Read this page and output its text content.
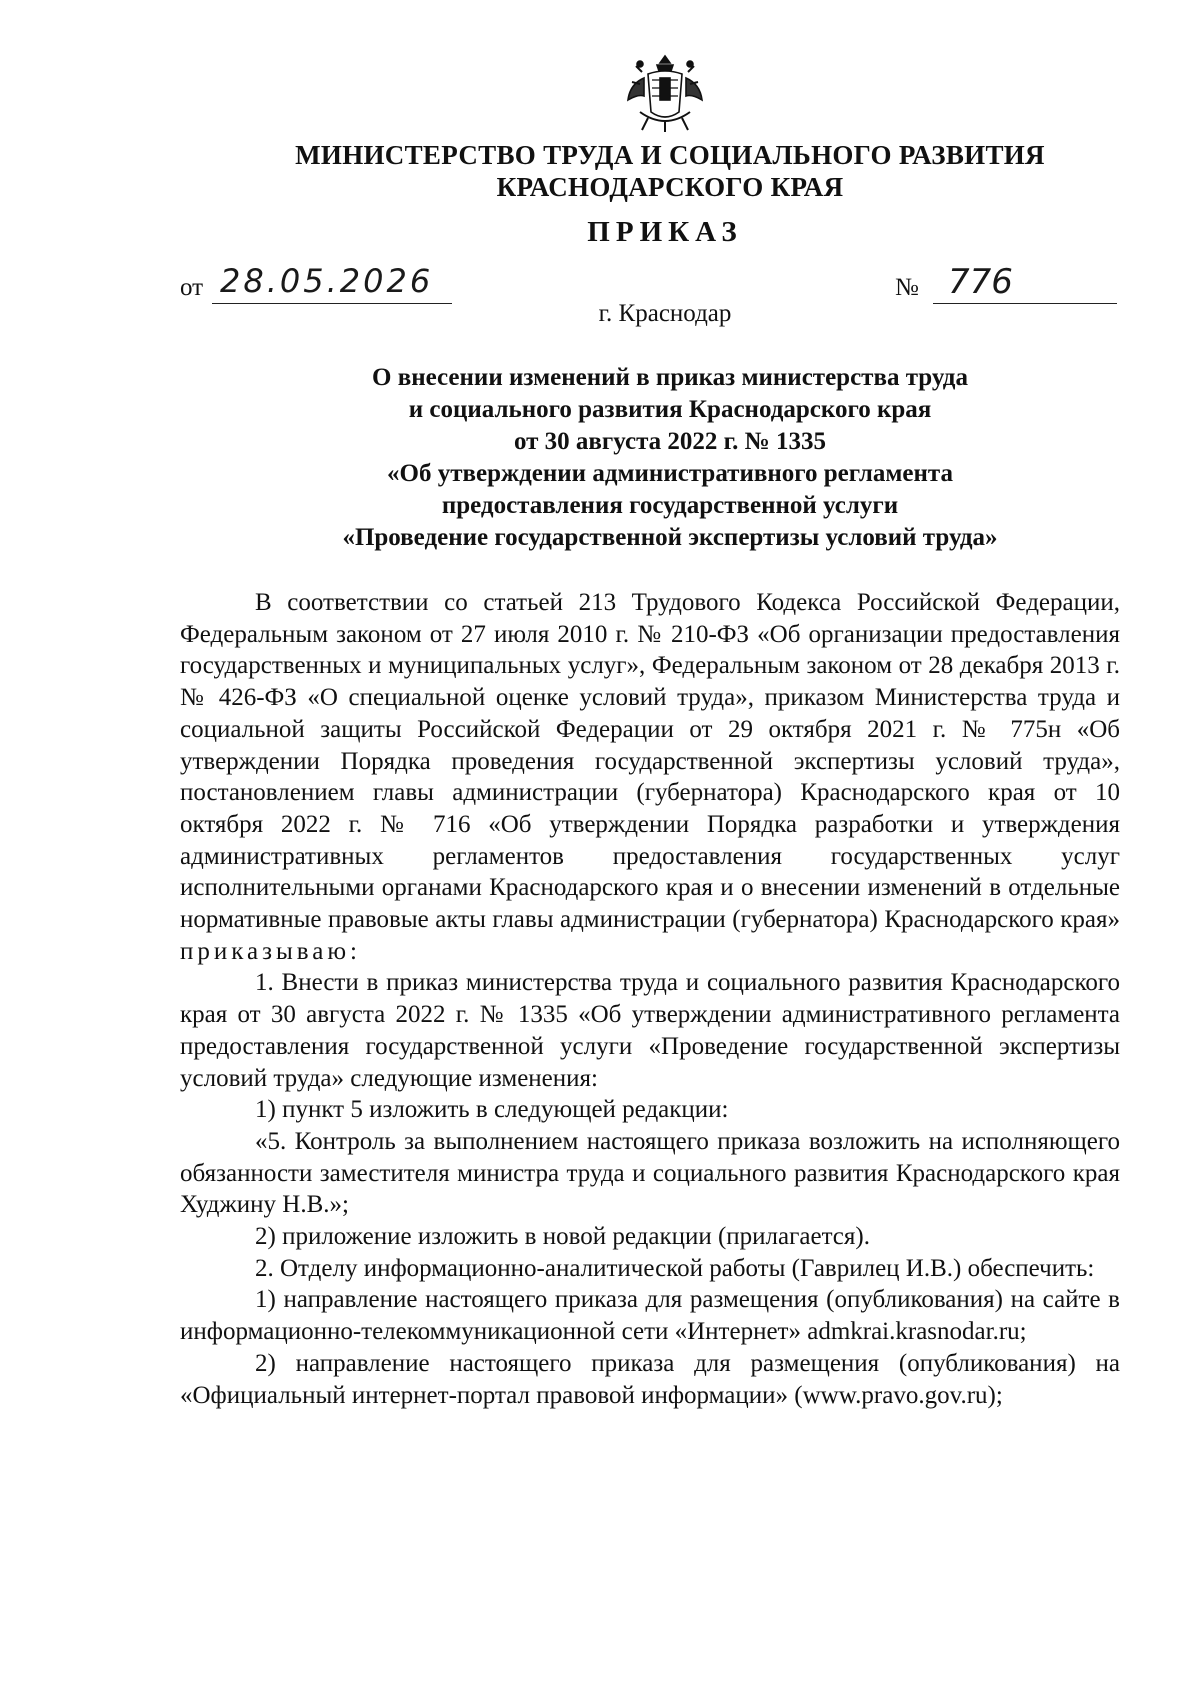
МИНИСТЕРСТВО ТРУДА И СОЦИАЛЬНОГО РАЗВИТИЯ
КРАСНОДАРСКОГО КРАЯ
ПРИКАЗ
от 28.05.2026	№ 776
г. Краснодар
О внесении изменений в приказ министерства труда
и социального развития Краснодарского края
от 30 августа 2022 г. № 1335
«Об утверждении административного регламента
предоставления государственной услуги
«Проведение государственной экспертизы условий труда»

В соответствии со статьей 213 Трудового Кодекса Российской Федерации, Федеральным законом от 27 июля 2010 г. № 210-ФЗ «Об организации предоставления государственных и муниципальных услуг», Федеральным законом от 28 декабря 2013 г. № 426-ФЗ «О специальной оценке условий труда», приказом Министерства труда и социальной защиты Российской Федерации от 29 октября 2021 г. № 775н «Об утверждении Порядка проведения государственной экспертизы условий труда», постановлением главы администрации (губернатора) Краснодарского края от 10 октября 2022 г. № 716 «Об утверждении Порядка разработки и утверждения административных регламентов предоставления государственных услуг исполнительными органами Краснодарского края и о внесении изменений в отдельные нормативные правовые акты главы администрации (губернатора) Краснодарского края» приказываю:

1. Внести в приказ министерства труда и социального развития Краснодарского края от 30 августа 2022 г. № 1335 «Об утверждении административного регламента предоставления государственной услуги «Проведение государственной экспертизы условий труда» следующие изменения:

1) пункт 5 изложить в следующей редакции:

«5. Контроль за выполнением настоящего приказа возложить на исполняющего обязанности заместителя министра труда и социального развития Краснодарского края Худжину Н.В.»;

2) приложение изложить в новой редакции (прилагается).

2. Отделу информационно-аналитической работы (Гаврилец И.В.) обеспечить:

1) направление настоящего приказа для размещения (опубликования) на сайте в информационно-телекоммуникационной сети «Интернет» admkrai.krasnodar.ru;

2) направление настоящего приказа для размещения (опубликования) на «Официальный интернет-портал правовой информации» (www.pravo.gov.ru);
